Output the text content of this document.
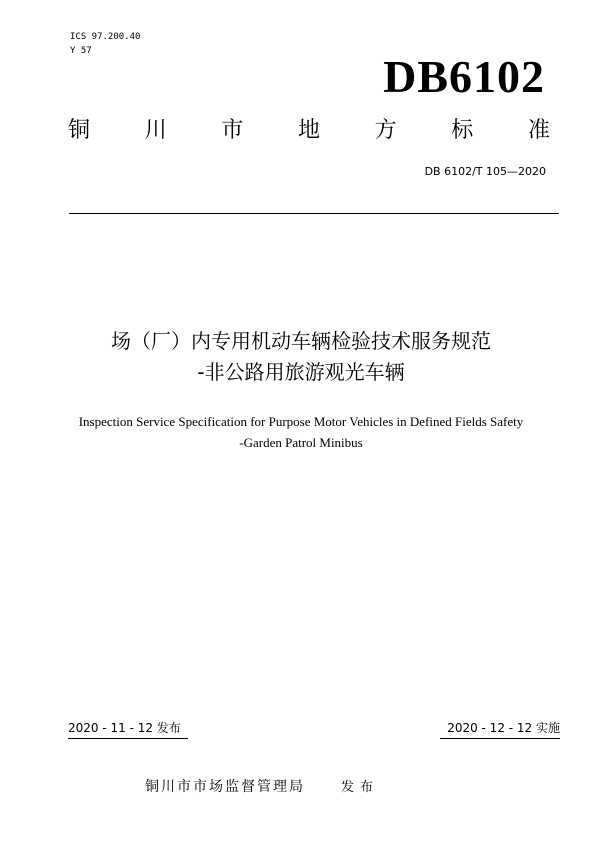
ICS 97.200.40
Y 57	DB6102
铜 川 市 地 方 标 准
DB 6102/T 105—2020
场（厂）内专用机动车辆检验技术服务规范
-非公路用旅游观光车辆
Inspection Service Specification for Purpose Motor Vehicles in Defined Fields Safety
-Garden Patrol Minibus
2020 - 11 - 12 发布	2020 - 12 - 12 实施
铜川市市场监督管理局	发布
